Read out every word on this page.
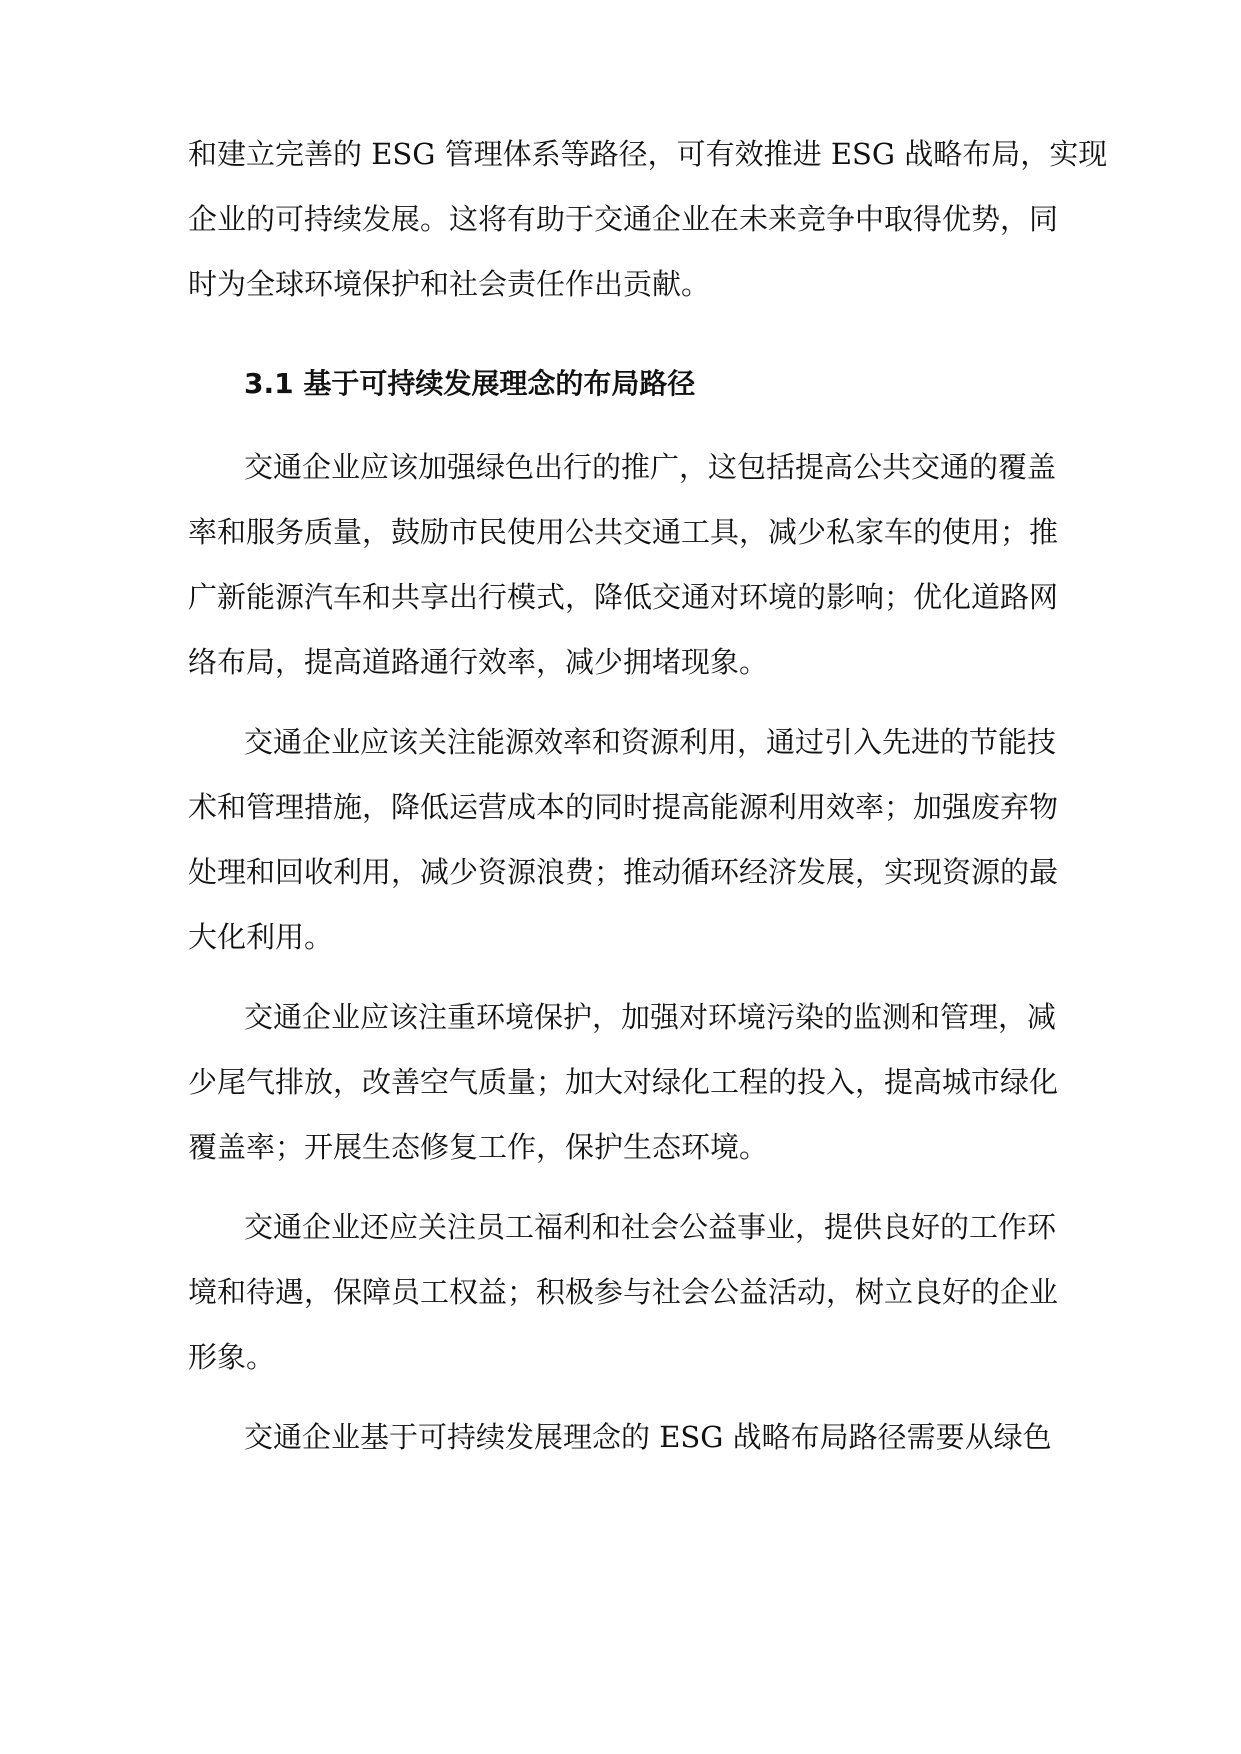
和建立完善的 ESG 管理体系等路径，可有效推进 ESG 战略布局，实现
企业的可持续发展。这将有助于交通企业在未来竞争中取得优势，同
时为全球环境保护和社会责任作出贡献。
3.1 基于可持续发展理念的布局路径
交通企业应该加强绿色出行的推广，这包括提高公共交通的覆盖
率和服务质量，鼓励市民使用公共交通工具，减少私家车的使用；推
广新能源汽车和共享出行模式，降低交通对环境的影响；优化道路网
络布局，提高道路通行效率，减少拥堵现象。
交通企业应该关注能源效率和资源利用，通过引入先进的节能技
术和管理措施，降低运营成本的同时提高能源利用效率；加强废弃物
处理和回收利用，减少资源浪费；推动循环经济发展，实现资源的最
大化利用。
交通企业应该注重环境保护，加强对环境污染的监测和管理，减
少尾气排放，改善空气质量；加大对绿化工程的投入，提高城市绿化
覆盖率；开展生态修复工作，保护生态环境。
交通企业还应关注员工福利和社会公益事业，提供良好的工作环
境和待遇，保障员工权益；积极参与社会公益活动，树立良好的企业
形象。
交通企业基于可持续发展理念的 ESG 战略布局路径需要从绿色
